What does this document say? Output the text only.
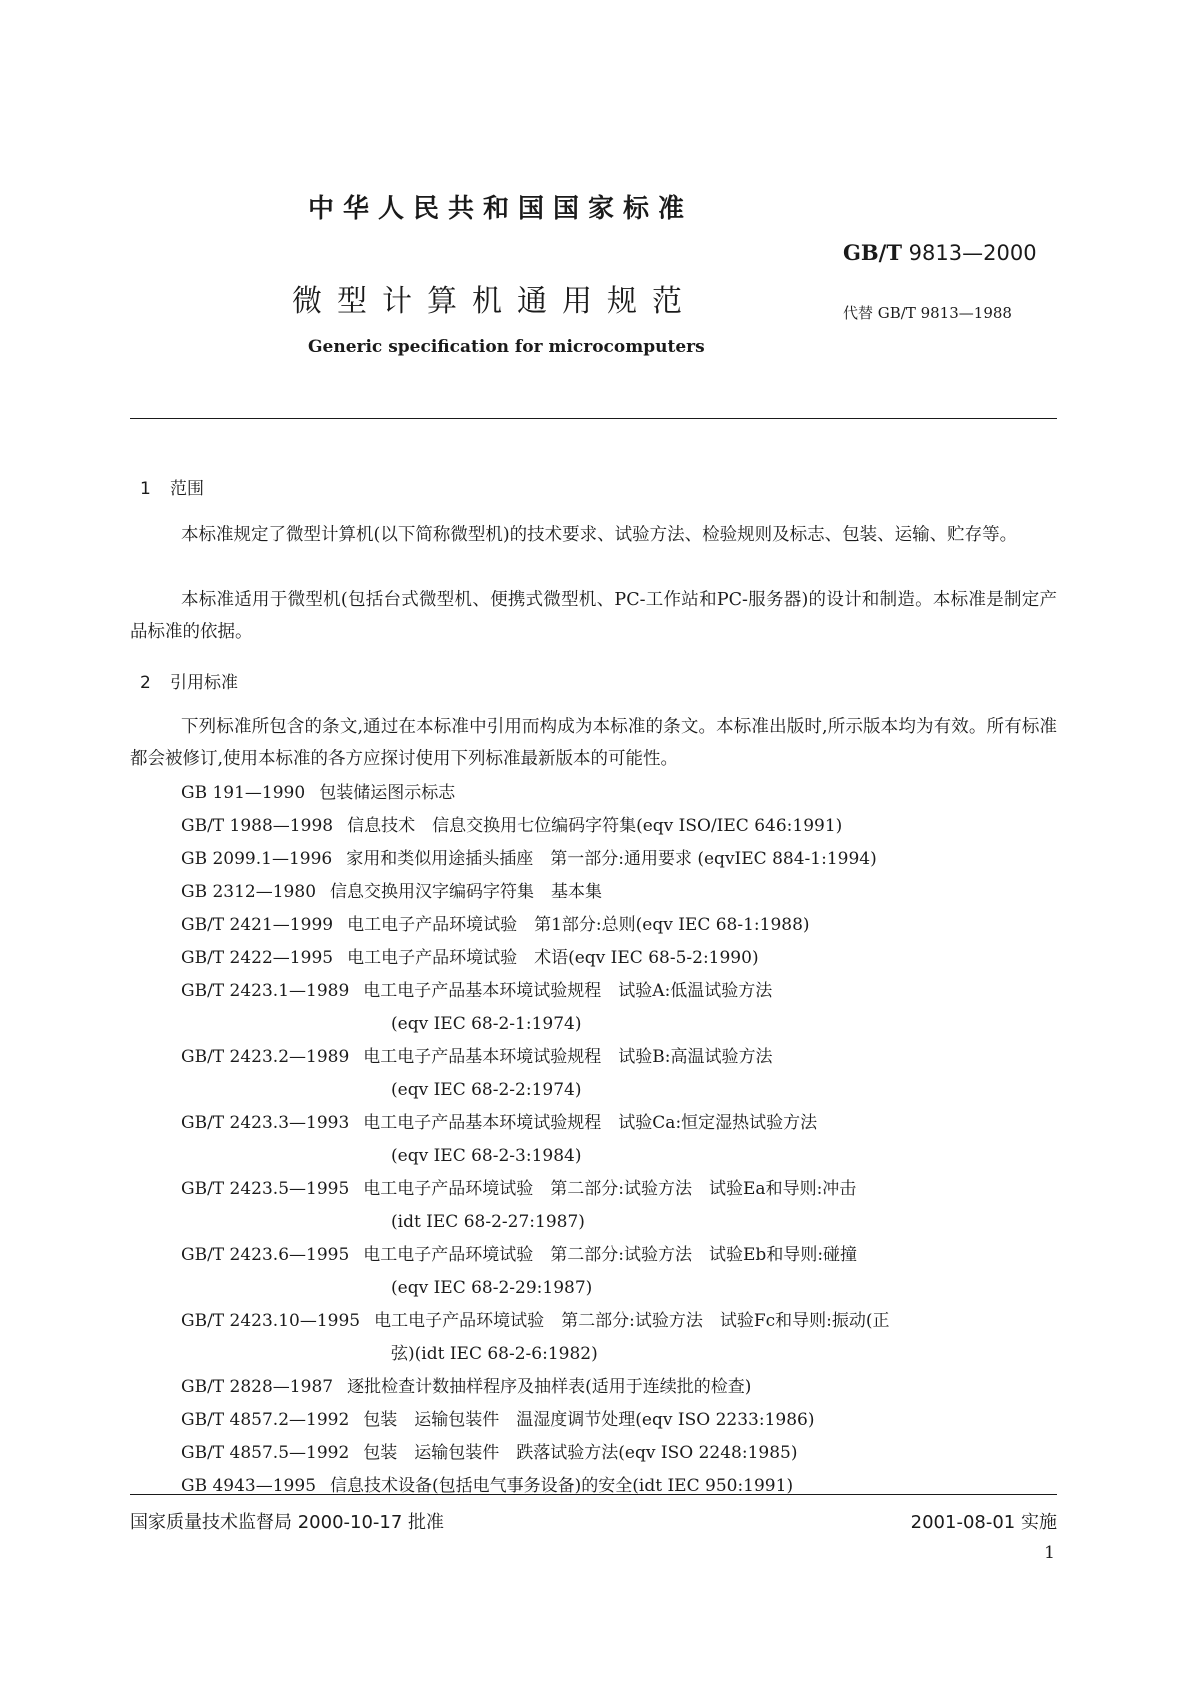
中华人民共和国国家标准
GB/T 9813—2000
微型计算机通用规范	代替 GB/T 9813—1988
Generic specification for microcomputers
1 范围
本标准规定了微型计算机(以下简称微型机)的技术要求、试验方法、检验规则及标志、包装、运输、贮存等。
本标准适用于微型机(包括台式微型机、便携式微型机、PC-工作站和PC-服务器)的设计和制造。本标准是制定产品标准的依据。
2 引用标准
下列标准所包含的条文,通过在本标准中引用而构成为本标准的条文。本标准出版时,所示版本均为有效。所有标准都会被修订,使用本标准的各方应探讨使用下列标准最新版本的可能性。
GB 191—1990 包装储运图示标志
GB/T 1988—1998 信息技术　信息交换用七位编码字符集(eqv ISO/IEC 646:1991)
GB 2099.1—1996 家用和类似用途插头插座　第一部分:通用要求 (eqvIEC 884-1:1994)
GB 2312—1980 信息交换用汉字编码字符集　基本集
GB/T 2421—1999 电工电子产品环境试验　第1部分:总则(eqv IEC 68-1:1988)
GB/T 2422—1995 电工电子产品环境试验　术语(eqv IEC 68-5-2:1990)
GB/T 2423.1—1989 电工电子产品基本环境试验规程　试验A:低温试验方法
(eqv IEC 68-2-1:1974)
GB/T 2423.2—1989 电工电子产品基本环境试验规程　试验B:高温试验方法
(eqv IEC 68-2-2:1974)
GB/T 2423.3—1993 电工电子产品基本环境试验规程　试验Ca:恒定湿热试验方法
(eqv IEC 68-2-3:1984)
GB/T 2423.5—1995 电工电子产品环境试验　第二部分:试验方法　试验Ea和导则:冲击
(idt IEC 68-2-27:1987)
GB/T 2423.6—1995 电工电子产品环境试验　第二部分:试验方法　试验Eb和导则:碰撞
(eqv IEC 68-2-29:1987)
GB/T 2423.10—1995 电工电子产品环境试验　第二部分:试验方法　试验Fc和导则:振动(正
弦)(idt IEC 68-2-6:1982)
GB/T 2828—1987 逐批检查计数抽样程序及抽样表(适用于连续批的检查)
GB/T 4857.2—1992 包装　运输包装件　温湿度调节处理(eqv ISO 2233:1986)
GB/T 4857.5—1992 包装　运输包装件　跌落试验方法(eqv ISO 2248:1985)
GB 4943—1995 信息技术设备(包括电气事务设备)的安全(idt IEC 950:1991)
国家质量技术监督局 2000-10-17 批准	2001-08-01 实施
1
